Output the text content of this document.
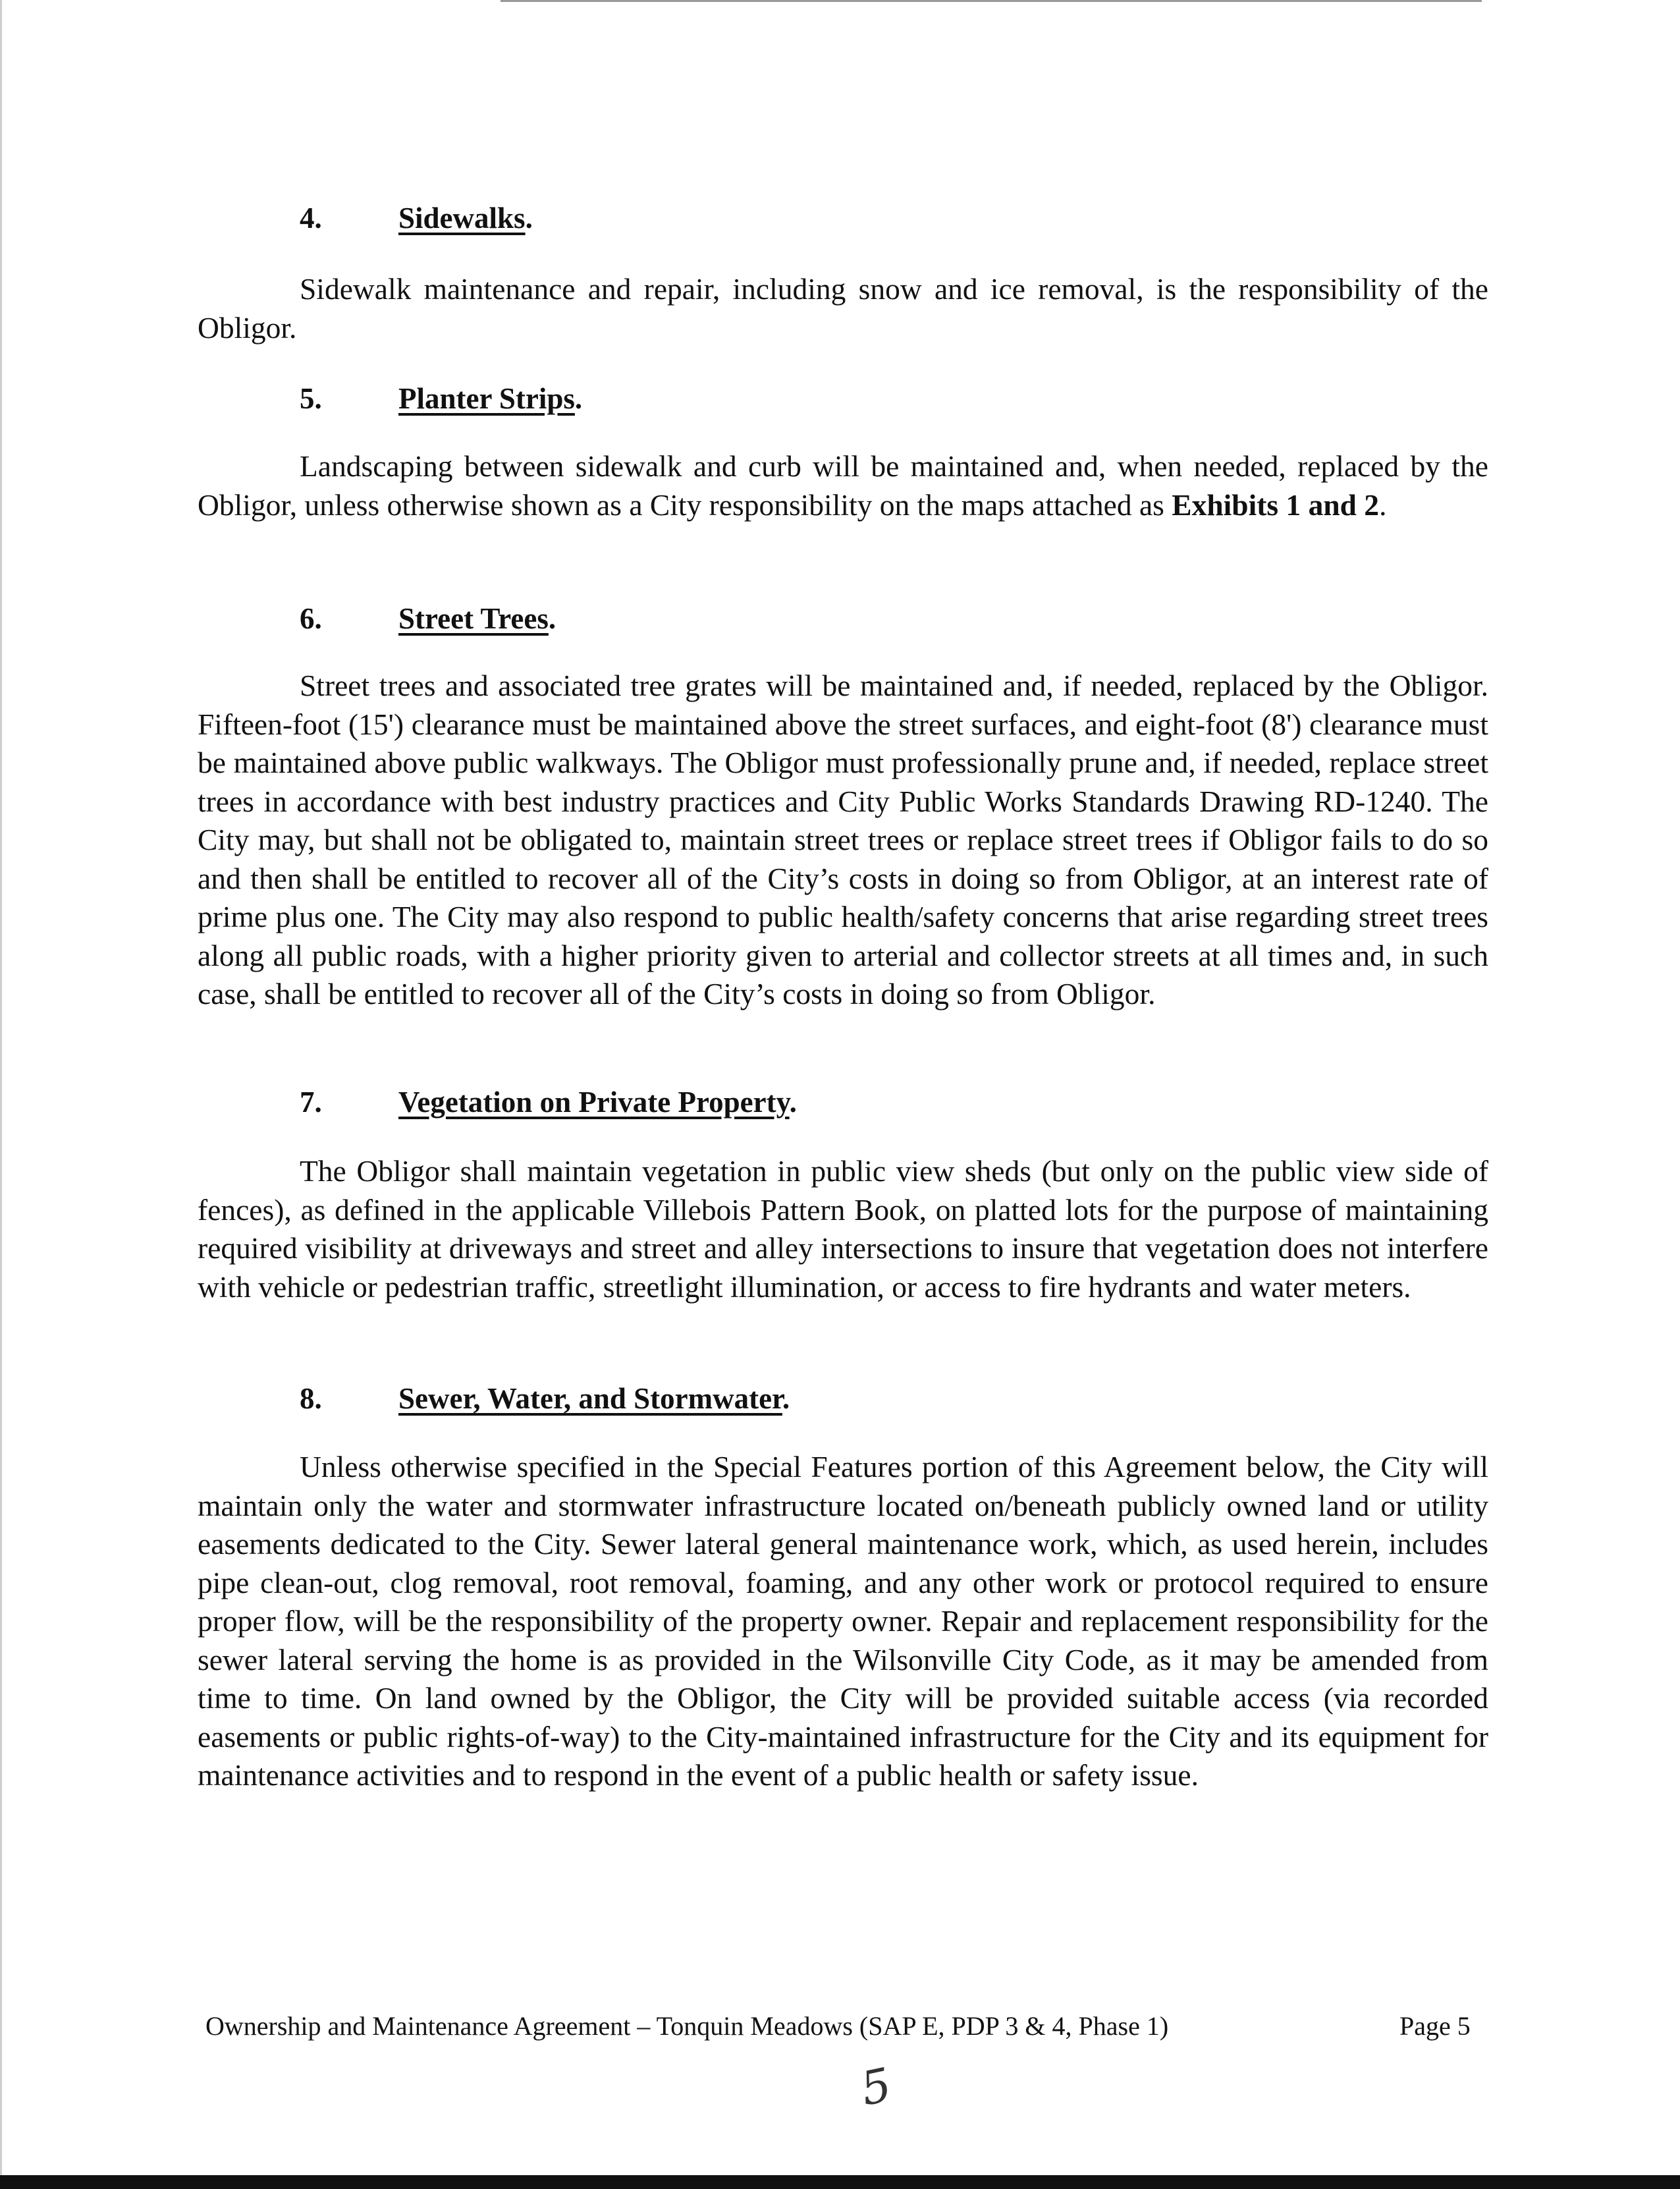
4.	Sidewalks.

Sidewalk maintenance and repair, including snow and ice removal, is the responsibility of the Obligor.

5.	Planter Strips.

Landscaping between sidewalk and curb will be maintained and, when needed, replaced by the Obligor, unless otherwise shown as a City responsibility on the maps attached as Exhibits 1 and 2.

6.	Street Trees.

Street trees and associated tree grates will be maintained and, if needed, replaced by the Obligor. Fifteen-foot (15') clearance must be maintained above the street surfaces, and eight-foot (8') clearance must be maintained above public walkways. The Obligor must professionally prune and, if needed, replace street trees in accordance with best industry practices and City Public Works Standards Drawing RD-1240. The City may, but shall not be obligated to, maintain street trees or replace street trees if Obligor fails to do so and then shall be entitled to recover all of the City’s costs in doing so from Obligor, at an interest rate of prime plus one. The City may also respond to public health/safety concerns that arise regarding street trees along all public roads, with a higher priority given to arterial and collector streets at all times and, in such case, shall be entitled to recover all of the City’s costs in doing so from Obligor.

7.	Vegetation on Private Property.

The Obligor shall maintain vegetation in public view sheds (but only on the public view side of fences), as defined in the applicable Villebois Pattern Book, on platted lots for the purpose of maintaining required visibility at driveways and street and alley intersections to insure that vegetation does not interfere with vehicle or pedestrian traffic, streetlight illumination, or access to fire hydrants and water meters.

8.	Sewer, Water, and Stormwater.

Unless otherwise specified in the Special Features portion of this Agreement below, the City will maintain only the water and stormwater infrastructure located on/beneath publicly owned land or utility easements dedicated to the City. Sewer lateral general maintenance work, which, as used herein, includes pipe clean-out, clog removal, root removal, foaming, and any other work or protocol required to ensure proper flow, will be the responsibility of the property owner. Repair and replacement responsibility for the sewer lateral serving the home is as provided in the Wilsonville City Code, as it may be amended from time to time. On land owned by the Obligor, the City will be provided suitable access (via recorded easements or public rights-of-way) to the City-maintained infrastructure for the City and its equipment for maintenance activities and to respond in the event of a public health or safety issue.

Ownership and Maintenance Agreement – Tonquin Meadows (SAP E, PDP 3 & 4, Phase 1)	Page 5
5
